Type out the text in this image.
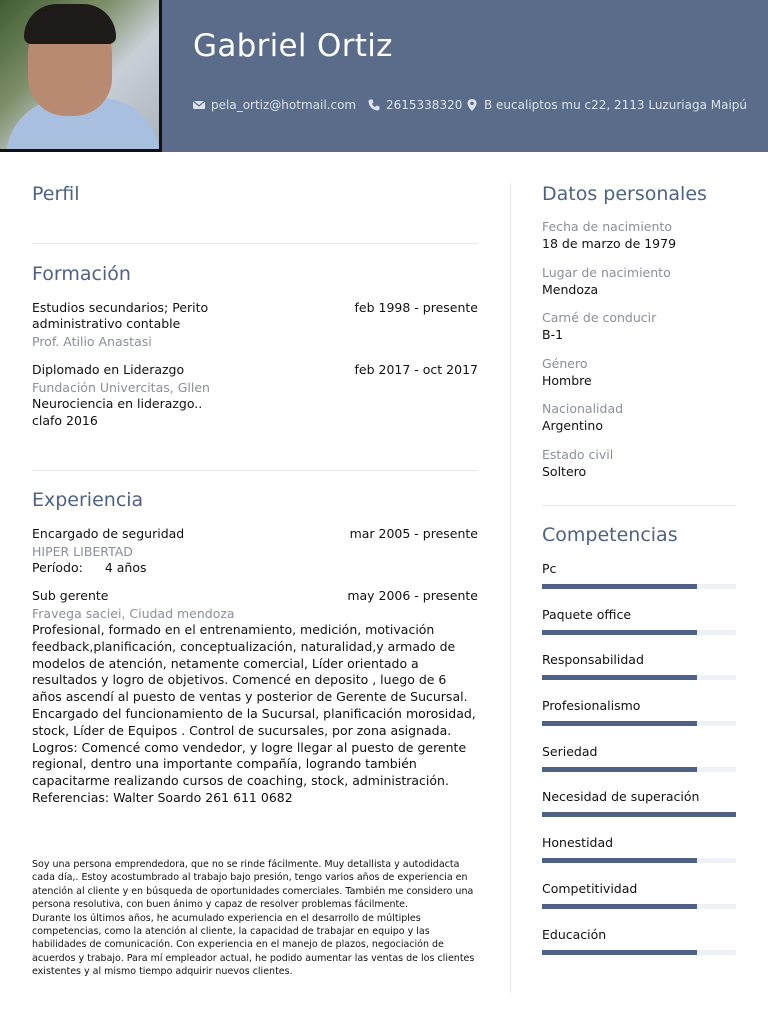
Gabriel Ortiz
pela_ortiz@hotmail.com 2615338320 B eucaliptos mu c22, 2113 Luzuriaga Maipú
Perfil
Formación
Estudios secundarios; Perito administrativo contable
feb 1998 - presente
Prof. Atilio Anastasi
Diplomado en Liderazgo	feb 2017 - oct 2017
Fundación Univercitas, Gllen
Neurociencia en liderazgo.. clafo 2016
Experiencia
Encargado de seguridad	mar 2005 - presente
HIPER LIBERTAD
Período: 4 años
Sub gerente	may 2006 - presente
Fravega saciei, Ciudad mendoza
Profesional, formado en el entrenamiento, medición, motivación feedback,planificación, conceptualización, naturalidad,y armado de modelos de atención, netamente comercial, Líder orientado a resultados y logro de objetivos. Comencé en deposito , luego de 6 años ascendí al puesto de ventas y posterior de Gerente de Sucursal. Encargado del funcionamiento de la Sucursal, planificación morosidad, stock, Líder de Equipos . Control de sucursales, por zona asignada.
Logros: Comencé como vendedor, y logre llegar al puesto de gerente regional, dentro una importante compañía, logrando también capacitarme realizando cursos de coaching, stock, administración. Referencias: Walter Soardo 261 611 0682
Soy una persona emprendedora, que no se rinde fácilmente. Muy detallista y autodidacta cada día,. Estoy acostumbrado al trabajo bajo presión, tengo varios años de experiencia en atención al cliente y en búsqueda de oportunidades comerciales. También me considero una persona resolutiva, con buen ánimo y capaz de resolver problemas fácilmente.
Durante los últimos años, he acumulado experiencia en el desarrollo de múltiples competencias, como la atención al cliente, la capacidad de trabajar en equipo y las habilidades de comunicación. Con experiencia en el manejo de plazos, negociación de acuerdos y trabajo. Para mí empleador actual, he podido aumentar las ventas de los clientes existentes y al mismo tiempo adquirir nuevos clientes.
Datos personales
Fecha de nacimiento
18 de marzo de 1979
Lugar de nacimiento
Mendoza
Carné de conducir
B-1
Género
Hombre
Nacionalidad
Argentino
Estado civil
Soltero
Competencias
Pc
Paquete office
Responsabilidad
Profesionalismo
Seriedad
Necesidad de superación
Honestidad
Competitividad
Educación
